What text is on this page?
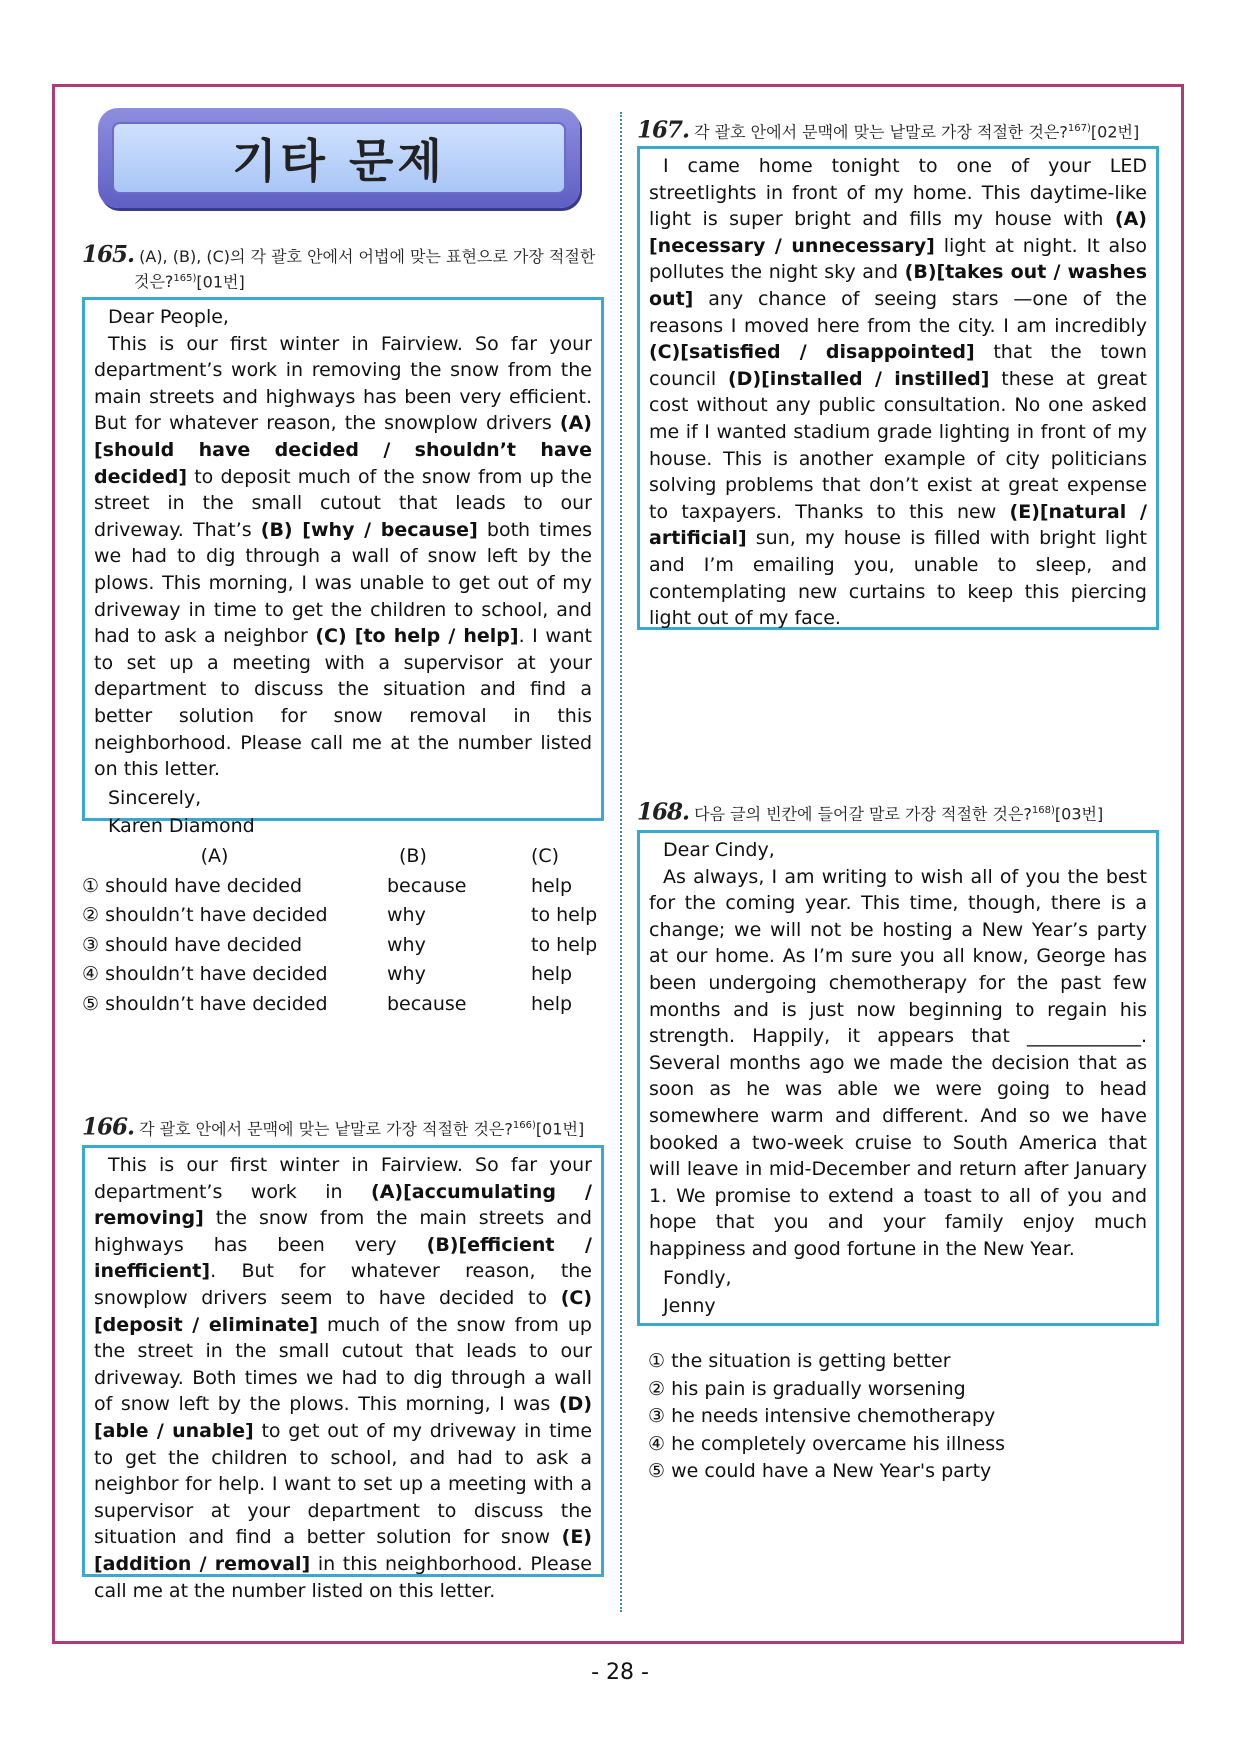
기타 문제
165. (A), (B), (C)의 각 괄호 안에서 어법에 맞는 표현으로 가장 적절한
것은?$^{165)}$[01번]
Dear People,

This is our first winter in Fairview. So far your department’s work in removing the snow from the main streets and highways has been very efficient. But for whatever reason, the snowplow drivers (A) [should have decided / shouldn’t have decided] to deposit much of the snow from up the street in the small cutout that leads to our driveway. That’s (B) [why / because] both times we had to dig through a wall of snow left by the plows. This morning, I was unable to get out of my driveway in time to get the children to school, and had to ask a neighbor (C) [to help / help]. I want to set up a meeting with a supervisor at your department to discuss the situation and find a better solution for snow removal in this neighborhood. Please call me at the number listed on this letter.

Sincerely,
Karen Diamond
(A)	(B)	(C)
① should have decided	because	help
② shouldn’t have decided	why	to help
③ should have decided	why	to help
④ shouldn’t have decided	why	help
⑤ shouldn’t have decided	because	help
166. 각 괄호 안에서 문맥에 맞는 낱말로 가장 적절한 것은?$^{166)}$[01번]

This is our first winter in Fairview. So far your department’s work in (A)[accumulating / removing] the snow from the main streets and highways has been very (B)[efficient / inefficient]. But for whatever reason, the snowplow drivers seem to have decided to (C)[deposit / eliminate] much of the snow from up the street in the small cutout that leads to our driveway. Both times we had to dig through a wall of snow left by the plows. This morning, I was (D)[able / unable] to get out of my driveway in time to get the children to school, and had to ask a neighbor for help. I want to set up a meeting with a supervisor at your department to discuss the situation and find a better solution for snow (E)[addition / removal] in this neighborhood. Please call me at the number listed on this letter.

167. 각 괄호 안에서 문맥에 맞는 낱말로 가장 적절한 것은?$^{167)}$[02번]

I came home tonight to one of your LED streetlights in front of my home. This daytime-like light is super bright and fills my house with (A)[necessary / unnecessary] light at night. It also pollutes the night sky and (B)[takes out / washes out] any chance of seeing stars —one of the reasons I moved here from the city. I am incredibly (C)[satisfied / disappointed] that the town council (D)[installed / instilled] these at great cost without any public consultation. No one asked me if I wanted stadium grade lighting in front of my house. This is another example of city politicians solving problems that don’t exist at great expense to taxpayers. Thanks to this new (E)[natural / artificial] sun, my house is filled with bright light and I’m emailing you, unable to sleep, and contemplating new curtains to keep this piercing light out of my face.

168. 다음 글의 빈칸에 들어갈 말로 가장 적절한 것은?$^{168)}$[03번]
Dear Cindy,

As always, I am writing to wish all of you the best for the coming year. This time, though, there is a change; we will not be hosting a New Year’s party at our home. As I’m sure you all know, George has been undergoing chemotherapy for the past few months and is just now beginning to regain his strength. Happily, it appears that ____________. Several months ago we made the decision that as soon as he was able we were going to head somewhere warm and different. And so we have booked a two-week cruise to South America that will leave in mid-December and return after January 1. We promise to extend a toast to all of you and hope that you and your family enjoy much happiness and good fortune in the New Year.

Fondly,
Jenny
① the situation is getting better
② his pain is gradually worsening
③ he needs intensive chemotherapy
④ he completely overcame his illness
⑤ we could have a New Year's party
- 28 -
